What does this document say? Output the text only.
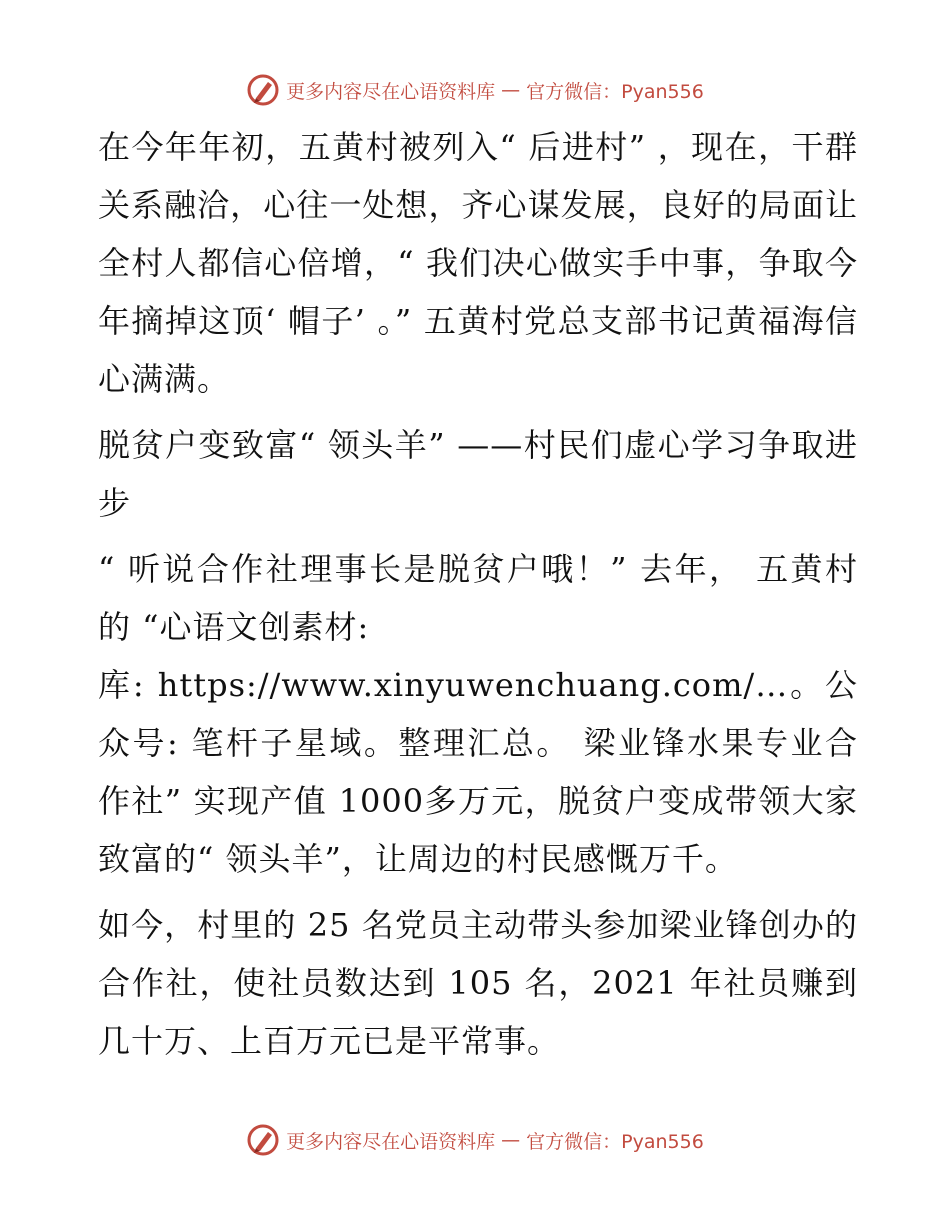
更多内容尽在心语资料库 — 官方微信：Pyan556

在今年年初，五黄村被列入“ 后进村” ，现在，干群关系融洽，心往一处想，齐心谋发展，良好的局面让全村人都信心倍增，“ 我们决心做实手中事，争取今年摘掉这顶‘ 帽子’ 。” 五黄村党总支部书记黄福海信心满满。

脱贫户变致富“ 领头羊” ——村民们虚心学习争取进步

“ 听说合作社理事长是脱贫户哦！” 去年， 五黄村的 “心语文创素材:

库: https://www.xinyuwenchuang.com/…。公众号: 笔杆子星域。整理汇总。 梁业锋水果专业合作社” 实现产值 1000多万元，脱贫户变成带领大家致富的“ 领头羊”，让周边的村民感慨万千。

如今，村里的 25 名党员主动带头参加梁业锋创办的合作社，使社员数达到 105 名，2021 年社员赚到几十万、上百万元已是平常事。

更多内容尽在心语资料库 — 官方微信：Pyan556
